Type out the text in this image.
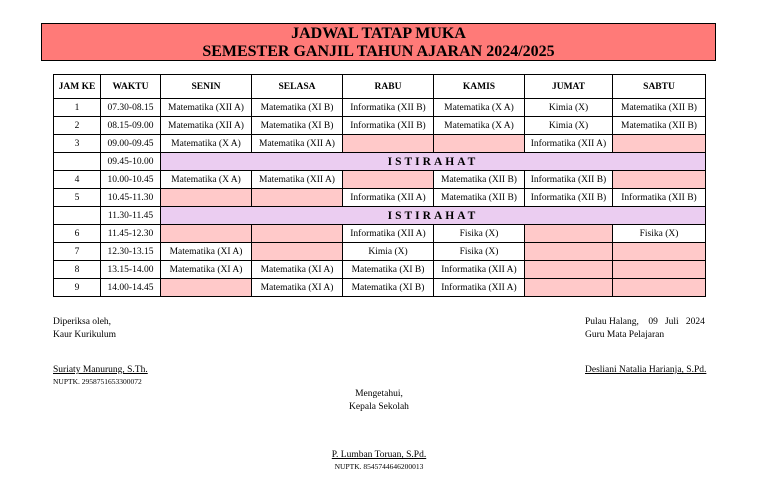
JADWAL TATAP MUKA
SEMESTER GANJIL TAHUN AJARAN 2024/2025
JAM KE	WAKTU	SENIN	SELASA	RABU	KAMIS	JUMAT	SABTU
1	07.30-08.15	Matematika (XII A)	Matematika (XI B)	Informatika (XII B)	Matematika (X A)	Kimia (X)	Matematika (XII B)
2	08.15-09.00	Matematika (XII A)	Matematika (XI B)	Informatika (XII B)	Matematika (X A)	Kimia (X)	Matematika (XII B)
3	09.00-09.45	Matematika (X A)	Matematika (XII A)			Informatika (XII A)	
	09.45-10.00	ISTIRAHAT					
4	10.00-10.45	Matematika (X A)	Matematika (XII A)		Matematika (XII B)	Informatika (XII B)	
5	10.45-11.30			Informatika (XII A)	Matematika (XII B)	Informatika (XII B)	Informatika (XII B)
	11.30-11.45	ISTIRAHAT					
6	11.45-12.30			Informatika (XII A)	Fisika (X)		Fisika (X)
7	12.30-13.15	Matematika (XI A)		Kimia (X)	Fisika (X)		
8	13.15-14.00	Matematika (XI A)	Matematika (XI A)	Matematika (XI B)	Informatika (XII A)		
9	14.00-14.45		Matematika (XI A)	Matematika (XI B)	Informatika (XII A)		
Diperiksa oleh,
Kaur Kurikulum
Suriaty Manurung, S.Th.
NUPTK. 2958751653300072
Pulau Halang, 09 Juli 2024
Guru Mata Pelajaran
Desliani Natalia Harianja, S.Pd.
Mengetahui,
Kepala Sekolah
P. Lumban Toruan, S.Pd.
NUPTK. 8545744646200013
